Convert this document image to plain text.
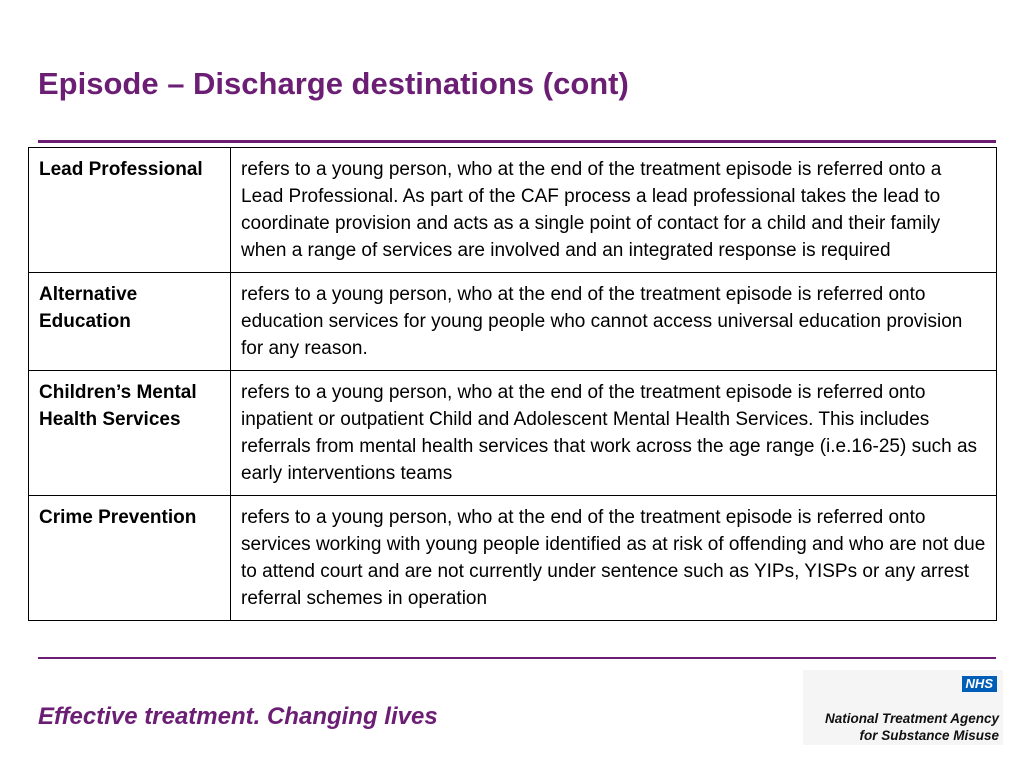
Episode – Discharge destinations (cont)
Lead Professional	refers to a young person, who at the end of the treatment episode is referred onto a Lead Professional. As part of the CAF process a lead professional takes the lead to coordinate provision and acts as a single point of contact for a child and their family when a range of services are involved and an integrated response is required
Alternative Education	refers to a young person, who at the end of the treatment episode is referred onto education services for young people who cannot access universal education provision for any reason.
Children’s Mental Health Services	refers to a young person, who at the end of the treatment episode is referred onto inpatient or outpatient Child and Adolescent Mental Health Services. This includes referrals from mental health services that work across the age range (i.e.16-25) such as early interventions teams
Crime Prevention	refers to a young person, who at the end of the treatment episode is referred onto services working with young people identified as at risk of offending and who are not due to attend court and are not currently under sentence such as YIPs, YISPs or any arrest referral schemes in operation
Effective treatment. Changing lives
NHS
National Treatment Agency
for Substance Misuse
